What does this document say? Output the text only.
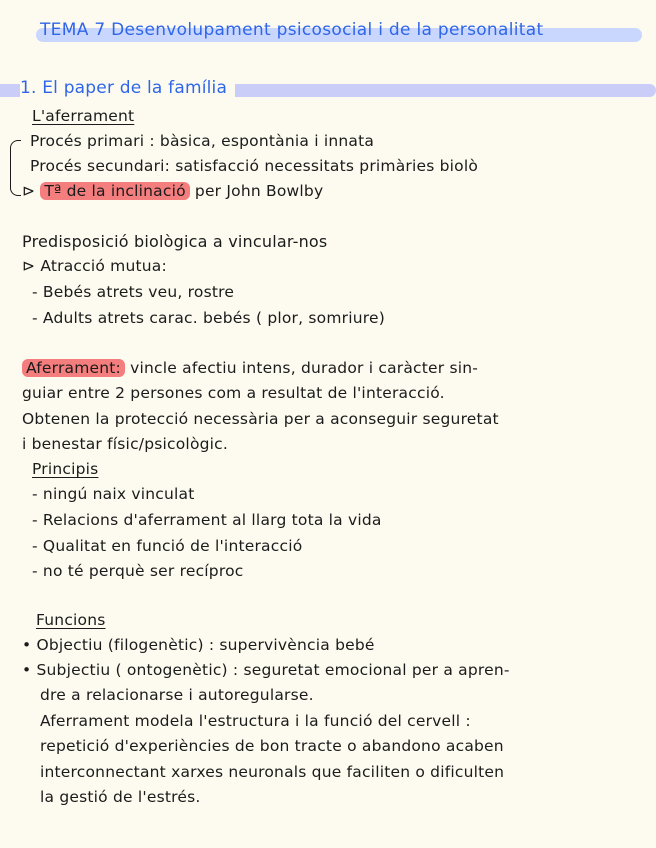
TEMA 7 Desenvolupament psicosocial i de la personalitat
1. El paper de la família
L'aferrament
Procés primari : bàsica, espontània i innata
Procés secundari: satisfacció necessitats primàries biolò
⊳ Tª de la inclinació per John Bowlby
Predisposició biològica a vincular-nos
⊳ Atracció mutua:
- Bebés atrets veu, rostre
- Adults atrets carac. bebés ( plor, somriure)
Aferrament: vincle afectiu intens, durador i caràcter sin-
guiar entre 2 persones com a resultat de l'interacció.
Obtenen la protecció necessària per a aconseguir seguretat
i benestar físic/psicològic.
Principis
- ningú naix vinculat
- Relacions d'aferrament al llarg tota la vida
- Qualitat en funció de l'interacció
- no té perquè ser recíproc
Funcions
• Objectiu (filogenètic) : supervivència bebé
• Subjectiu ( ontogenètic) : seguretat emocional per a apren-
dre a relacionarse i autoregularse.
Aferrament modela l'estructura i la funció del cervell :
repetició d'experiències de bon tracte o abandono acaben
interconnectant xarxes neuronals que faciliten o dificulten
la gestió de l'estrés.
